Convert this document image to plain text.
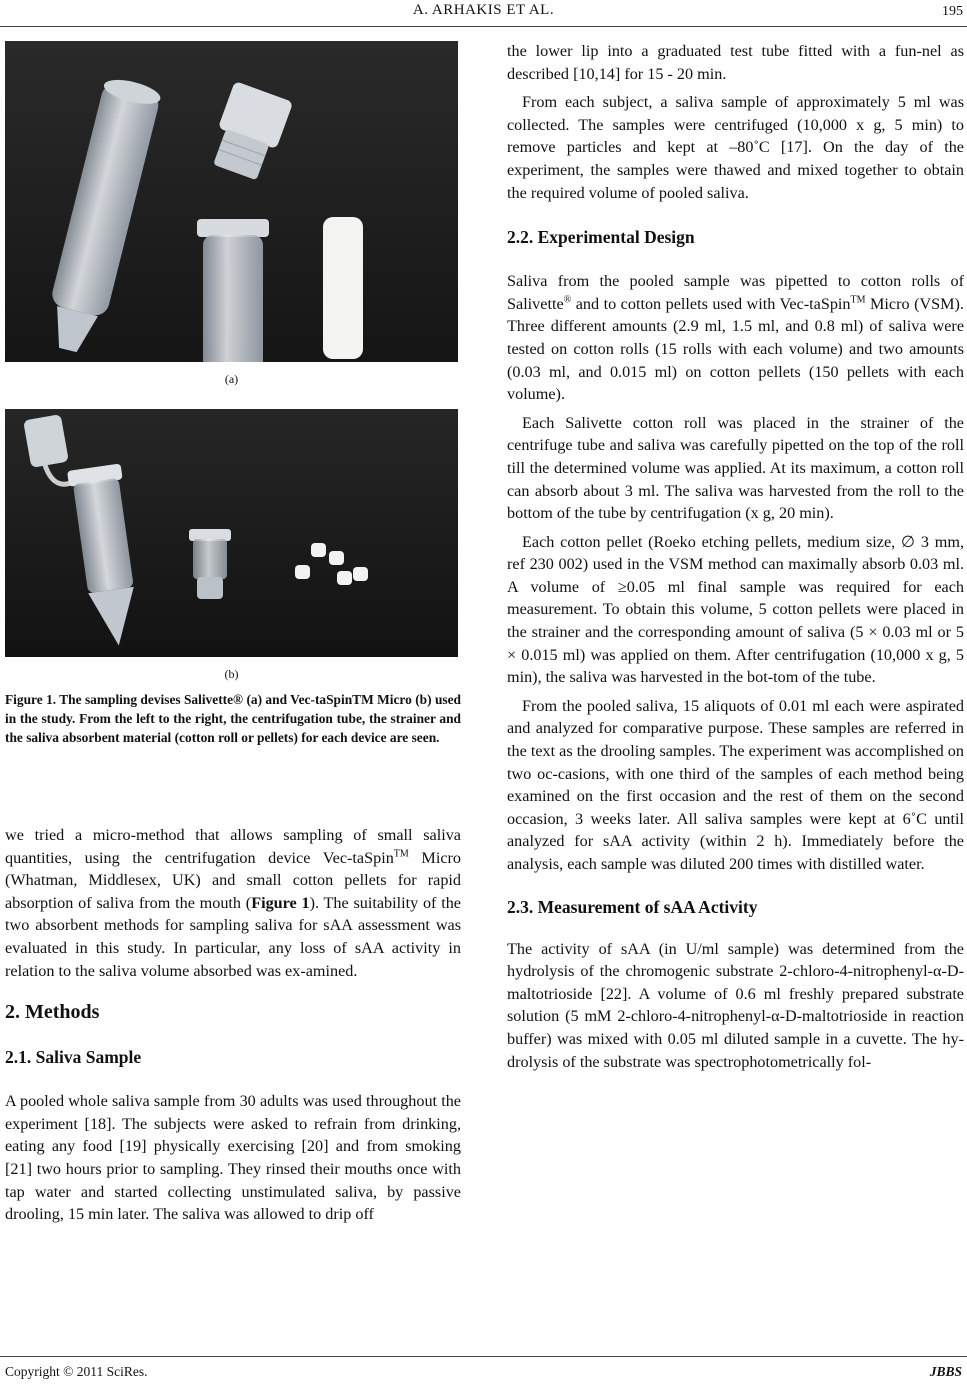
A. ARHAKIS ET AL.	195
(a)
(b)
Figure 1. The sampling devises Salivette® (a) and Vec-taSpinTM Micro (b) used in the study. From the left to the right, the centrifugation tube, the strainer and the saliva absorbent material (cotton roll or pellets) for each device are seen.

we tried a micro-method that allows sampling of small saliva quantities, using the centrifugation device Vec-taSpin™ Micro (Whatman, Middlesex, UK) and small cotton pellets for rapid absorption of saliva from the mouth (Figure 1). The suitability of the two absorbent methods for sampling saliva for sAA assessment was evaluated in this study. In particular, any loss of sAA activity in relation to the saliva volume absorbed was ex-amined.

2. Methods
2.1. Saliva Sample

A pooled whole saliva sample from 30 adults was used throughout the experiment [18]. The subjects were asked to refrain from drinking, eating any food [19] physically exercising [20] and from smoking [21] two hours prior to sampling. They rinsed their mouths once with tap water and started collecting unstimulated saliva, by passive drooling, 15 min later. The saliva was allowed to drip off

the lower lip into a graduated test tube fitted with a fun-nel as described [10,14] for 15 - 20 min.

From each subject, a saliva sample of approximately 5 ml was collected. The samples were centrifuged (10,000 x g, 5 min) to remove particles and kept at –80˚C [17]. On the day of the experiment, the samples were thawed and mixed together to obtain the required volume of pooled saliva.

2.2. Experimental Design

Saliva from the pooled sample was pipetted to cotton rolls of Salivette® and to cotton pellets used with Vec-taSpin™ Micro (VSM). Three different amounts (2.9 ml, 1.5 ml, and 0.8 ml) of saliva were tested on cotton rolls (15 rolls with each volume) and two amounts (0.03 ml, and 0.015 ml) on cotton pellets (150 pellets with each volume).

Each Salivette cotton roll was placed in the strainer of the centrifuge tube and saliva was carefully pipetted on the top of the roll till the determined volume was applied. At its maximum, a cotton roll can absorb about 3 ml. The saliva was harvested from the roll to the bottom of the tube by centrifugation (x g, 20 min).

Each cotton pellet (Roeko etching pellets, medium size, ∅ 3 mm, ref 230 002) used in the VSM method can maximally absorb 0.03 ml. A volume of ≥0.05 ml final sample was required for each measurement. To obtain this volume, 5 cotton pellets were placed in the strainer and the corresponding amount of saliva (5 × 0.03 ml or 5 × 0.015 ml) was applied on them. After centrifugation (10,000 x g, 5 min), the saliva was harvested in the bot-tom of the tube.

From the pooled saliva, 15 aliquots of 0.01 ml each were aspirated and analyzed for comparative purpose. These samples are referred in the text as the drooling samples. The experiment was accomplished on two oc-casions, with one third of the samples of each method being examined on the first occasion and the rest of them on the second occasion, 3 weeks later. All saliva samples were kept at 6˚C until analyzed for sAA activity (within 2 h). Immediately before the analysis, each sample was diluted 200 times with distilled water.

2.3. Measurement of sAA Activity

The activity of sAA (in U/ml sample) was determined from the hydrolysis of the chromogenic substrate 2-chloro-4-nitrophenyl-α-D-maltotrioside [22]. A volume of 0.6 ml freshly prepared substrate solution (5 mM 2-chloro-4-nitrophenyl-α-D-maltotrioside in reaction buffer) was mixed with 0.05 ml diluted sample in a cuvette. The hy-drolysis of the substrate was spectrophotometrically fol-

Copyright © 2011 SciRes.	JBBS
